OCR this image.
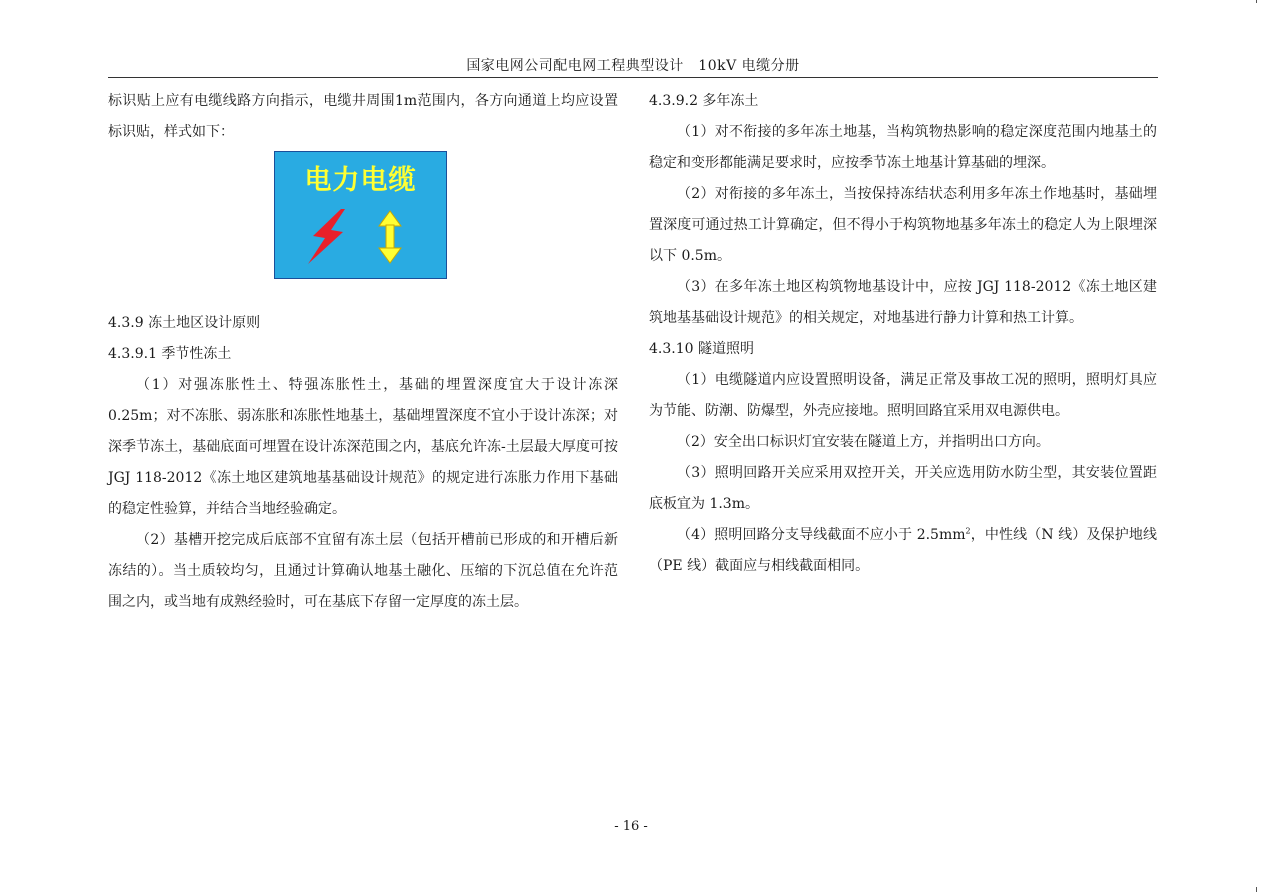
国家电网公司配电网工程典型设计　10kV 电缆分册

标识贴上应有电缆线路方向指示，电缆井周围1m范围内，各方向通道上均应设置标识贴，样式如下：

电力电缆

4.3.9 冻土地区设计原则

4.3.9.1 季节性冻土

（1）对强冻胀性土、特强冻胀性土，基础的埋置深度宜大于设计冻深0.25m；对不冻胀、弱冻胀和冻胀性地基土，基础埋置深度不宜小于设计冻深；对深季节冻土，基础底面可埋置在设计冻深范围之内，基底允许冻-土层最大厚度可按 JGJ 118-2012《冻土地区建筑地基基础设计规范》的规定进行冻胀力作用下基础的稳定性验算，并结合当地经验确定。

（2）基槽开挖完成后底部不宜留有冻土层（包括开槽前已形成的和开槽后新冻结的）。当土质较均匀，且通过计算确认地基土融化、压缩的下沉总值在允许范围之内，或当地有成熟经验时，可在基底下存留一定厚度的冻土层。

4.3.9.2 多年冻土

（1）对不衔接的多年冻土地基，当构筑物热影响的稳定深度范围内地基土的稳定和变形都能满足要求时，应按季节冻土地基计算基础的埋深。

（2）对衔接的多年冻土，当按保持冻结状态利用多年冻土作地基时，基础埋置深度可通过热工计算确定，但不得小于构筑物地基多年冻土的稳定人为上限埋深以下 0.5m。

（3）在多年冻土地区构筑物地基设计中，应按 JGJ 118-2012《冻土地区建筑地基基础设计规范》的相关规定，对地基进行静力计算和热工计算。

4.3.10 隧道照明

（1）电缆隧道内应设置照明设备，满足正常及事故工况的照明，照明灯具应为节能、防潮、防爆型，外壳应接地。照明回路宜采用双电源供电。

（2）安全出口标识灯宜安装在隧道上方，并指明出口方向。

（3）照明回路开关应采用双控开关，开关应选用防水防尘型，其安装位置距底板宜为 1.3m。

（4）照明回路分支导线截面不应小于 $2.5mm^2$，中性线（N 线）及保护地线（PE 线）截面应与相线截面相同。

- 16 -
